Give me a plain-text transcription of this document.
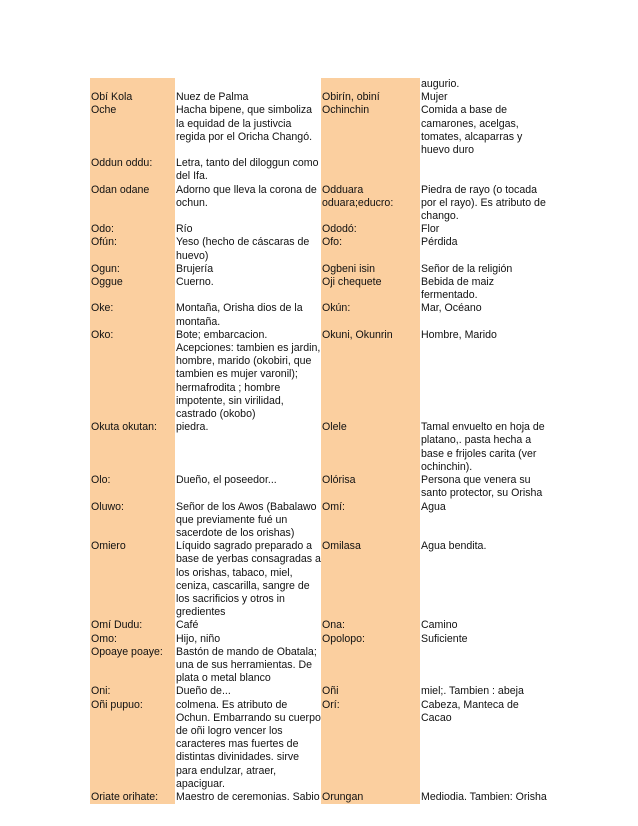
			augurio.
Obí Kola	Nuez de Palma	Obirín, obiní	Mujer
Oche	Hacha bipene, que simboliza la equidad de la justivcia regida por el Oricha Changó.	Ochinchin	Comida a base de camarones, acelgas, tomates, alcaparras y huevo duro
Oddun oddu:	Letra, tanto del diloggun como del Ifa.		
Odan odane	Adorno que lleva la corona de ochun.	Odduara oduara;educro:	Piedra de rayo (o tocada por el rayo). Es atributo de chango.
Odo:	Río	Ododó:	Flor
Ofún:	Yeso (hecho de cáscaras de huevo)	Ofo:	Pérdida
Ogun:	Brujería	Ogbeni isin	Señor de la religión
Oggue	Cuerno.	Oji chequete	Bebida de maiz fermentado.
Oke:	Montaña, Orisha dios de la montaña.	Okún:	Mar, Océano
Oko:	Bote; embarcacion. Acepciones: tambien es jardin, hombre, marido (okobiri, que tambien es mujer varonil); hermafrodita ; hombre impotente, sin virilidad, castrado (okobo)	Okuni, Okunrin	Hombre, Marido
Okuta okutan:	piedra.	Olele	Tamal envuelto en hoja de platano,. pasta hecha a base e frijoles carita (ver ochinchin).
Olo:	Dueño, el poseedor...	Olórisa	Persona que venera su santo protector, su Orisha
Oluwo:	Señor de los Awos (Babalawo que previamente fué un sacerdote de los orishas)	Omí:	Agua
Omiero	Líquido sagrado preparado a base de yerbas consagradas a los orishas, tabaco, miel, ceniza, cascarilla, sangre de los sacrificios y otros in gredientes	Omilasa	Agua bendita.
Omí Dudu:	Café	Ona:	Camino
Omo:	Hijo, niño	Opolopo:	Suficiente
Opoaye poaye:	Bastón de mando de Obatala; una de sus herramientas. De plata o metal blanco		
Oni:	Dueño de...	Oñi	miel;. Tambien : abeja
Oñi pupuo:	colmena. Es atributo de Ochun. Embarrando su cuerpo de oñi logro vencer los caracteres mas fuertes de distintas divinidades. sirve para endulzar, atraer, apaciguar.	Orí:	Cabeza, Manteca de Cacao
Oriate orihate:	Maestro de ceremonias. Sabio	Orungan	Mediodia. Tambien: Orisha
